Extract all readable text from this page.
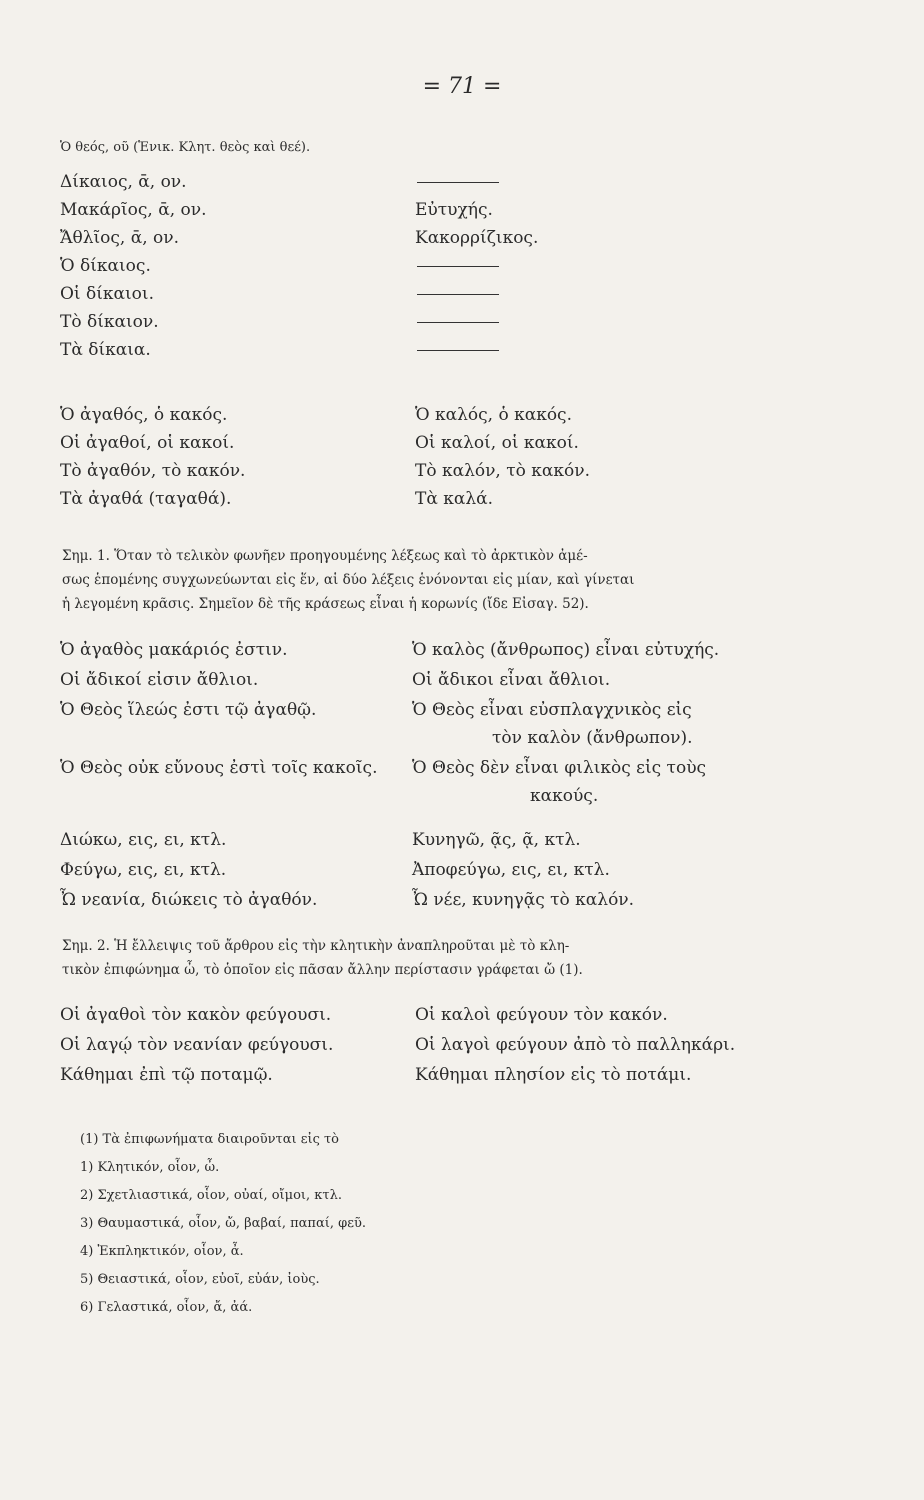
= 71 =
Ὁ θεός, οῦ (Ἑνικ. Κλητ. θεὸς καὶ θεέ).
Δίκαιος, ᾱ, ον.
Μακάρῖος, ᾱ, ον.
Ἄθλῖος, ᾱ, ον.
Ὁ δίκαιος.
Οἱ δίκαιοι.
Τὸ δίκαιον.
Τὰ δίκαια.
Εὐτυχής.
Κακορρίζικος.
Ὁ ἀγαθός, ὁ κακός.
Οἱ ἀγαθοί, οἱ κακοί.
Τὸ ἀγαθόν, τὸ κακόν.
Τὰ ἀγαθά (ταγαθά).
Ὁ καλός, ὁ κακός.
Οἱ καλοί, οἱ κακοί.
Τὸ καλόν, τὸ κακόν.
Τὰ καλά.
Σημ. 1. Ὅταν τὸ τελικὸν φωνῆεν προηγουμένης λέξεως καὶ τὸ ἀρκτικὸν ἀμέ-
σως ἑπομένης συγχωνεύωνται εἰς ἕν, αἱ δύο λέξεις ἑνόνονται εἰς μίαν, καὶ γίνεται
ἡ λεγομένη κρᾶσις. Σημεῖον δὲ τῆς κράσεως εἶναι ἡ κορωνίς (ἴδε Εἰσαγ. 52).
Ὁ ἀγαθὸς μακάριός ἐστιν.
Οἱ ἄδικοί εἰσιν ἄθλιοι.
Ὁ Θεὸς ἵλεώς ἐστι τῷ ἀγαθῷ.
Ὁ Θεὸς οὐκ εὔνους ἐστὶ τοῖς κακοῖς.
Ὁ καλὸς (ἄνθρωπος) εἶναι εὐτυχής.
Οἱ ἄδικοι εἶναι ἄθλιοι.
Ὁ Θεὸς εἶναι εὐσπλαγχνικὸς εἰς
τὸν καλὸν (ἄνθρωπον).
Ὁ Θεὸς δὲν εἶναι φιλικὸς εἰς τοὺς
κακούς.
Διώκω, εις, ει, κτλ.
Φεύγω, εις, ει, κτλ.
Ὦ νεανία, διώκεις τὸ ἀγαθόν.
Κυνηγῶ, ᾷς, ᾷ, κτλ.
Ἀποφεύγω, εις, ει, κτλ.
Ὦ νέε, κυνηγᾷς τὸ καλόν.
Σημ. 2. Ἡ ἔλλειψις τοῦ ἄρθρου εἰς τὴν κλητικὴν ἀναπληροῦται μὲ τὸ κλη-
τικὸν ἐπιφώνημα ὦ, τὸ ὁποῖον εἰς πᾶσαν ἄλλην περίστασιν γράφεται ὤ (1).
Οἱ ἀγαθοὶ τὸν κακὸν φεύγουσι.
Οἱ λαγῴ τὸν νεανίαν φεύγουσι.
Κάθημαι ἐπὶ τῷ ποταμῷ.
Οἱ καλοὶ φεύγουν τὸν κακόν.
Οἱ λαγοὶ φεύγουν ἀπὸ τὸ παλληκάρι.
Κάθημαι πλησίον εἰς τὸ ποτάμι.
(1) Τὰ ἐπιφωνήματα διαιροῦνται εἰς τὸ
1) Κλητικόν, οἷον, ὦ.
2) Σχετλιαστικά, οἷον, οὐαί, οἴμοι, κτλ.
3) Θαυμαστικά, οἷον, ὤ, βαβαί, παπαί, φεῦ.
4) Ἐκπληκτικόν, οἷον, ἆ.
5) Θειαστικά, οἷον, εὐοῖ, εὐάν, ἰοὺς.
6) Γελαστικά, οἷον, ἄ, ἀά.
